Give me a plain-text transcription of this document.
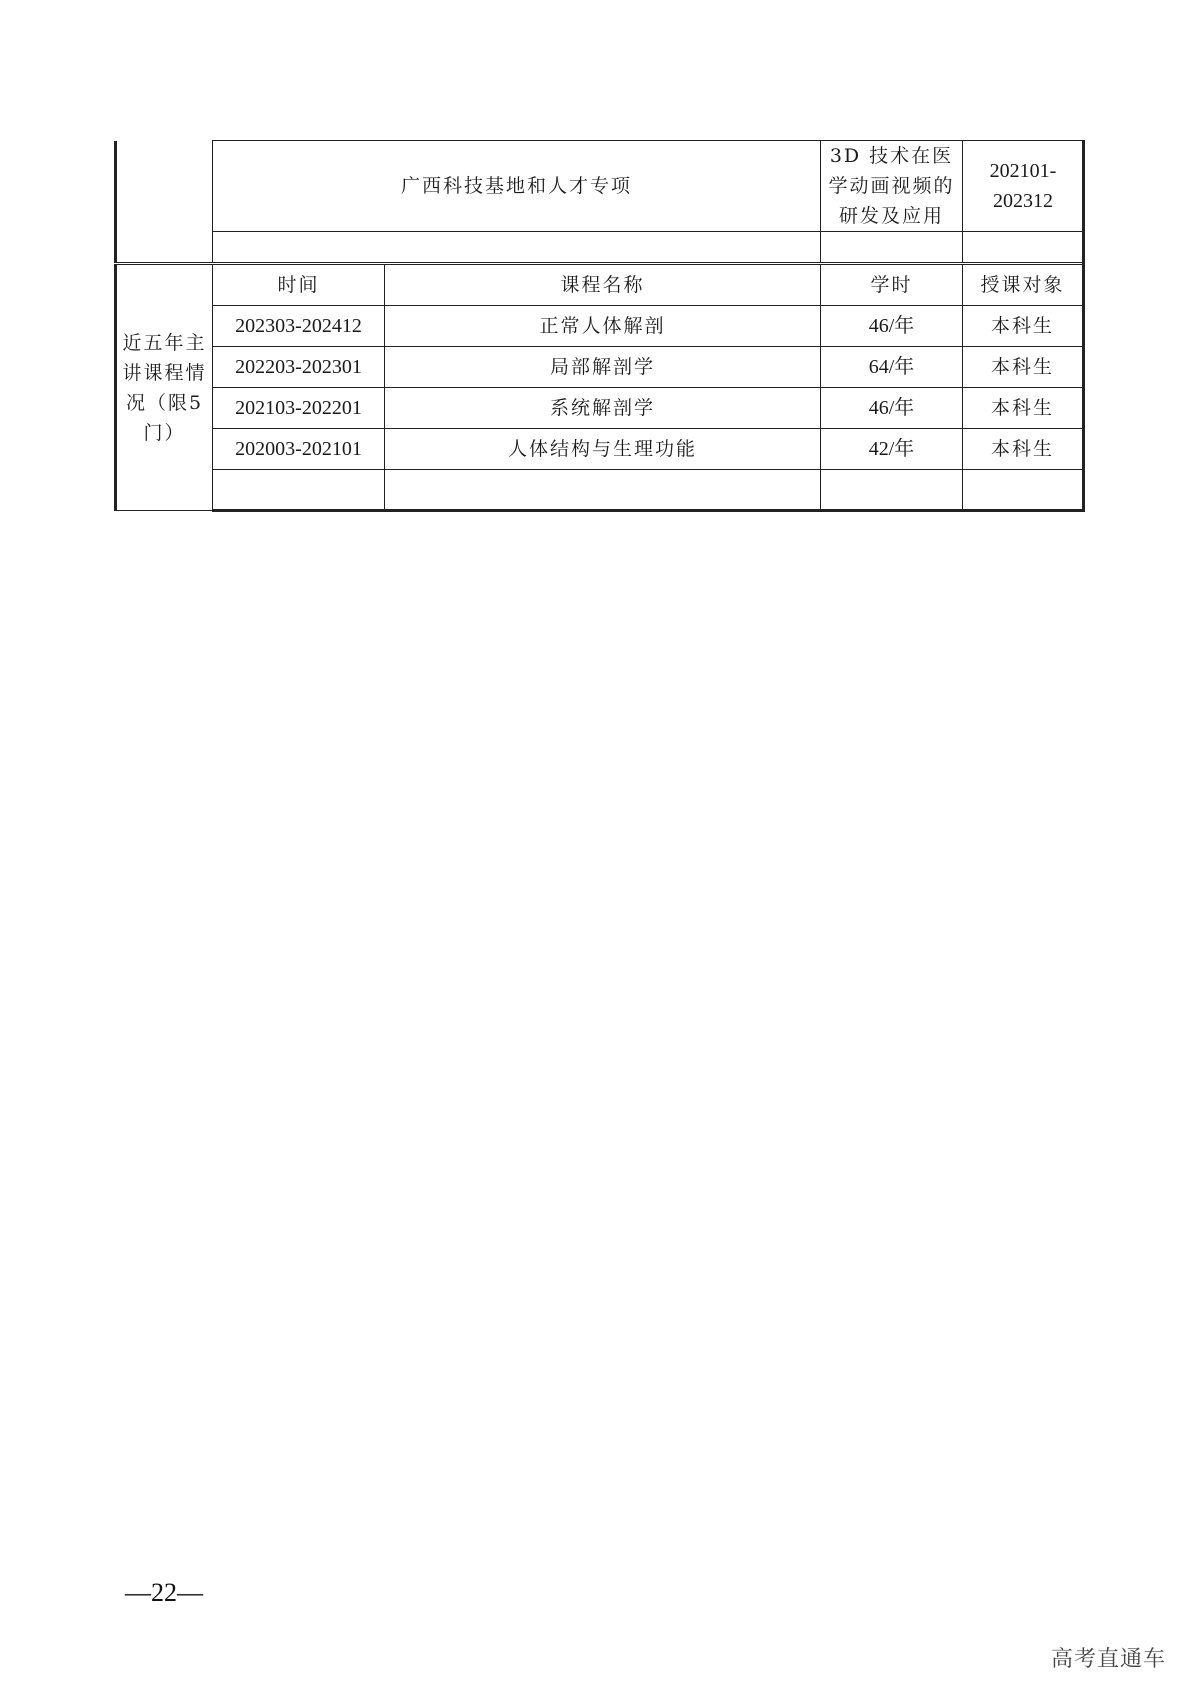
	广西科技基地和人才专项		3D 技术在医学动画视频的研发及应用	202101-202312	

近五年主讲课程情况（限5门）	时间	课程名称	学时	授课对象	
	202303-202412	正常人体解剖	46/年	本科生	
	202203-202301	局部解剖学	64/年	本科生	
	202103-202201	系统解剖学	46/年	本科生	
	202003-202101	人体结构与生理功能	42/年	本科生	

—22—
高考直通车
